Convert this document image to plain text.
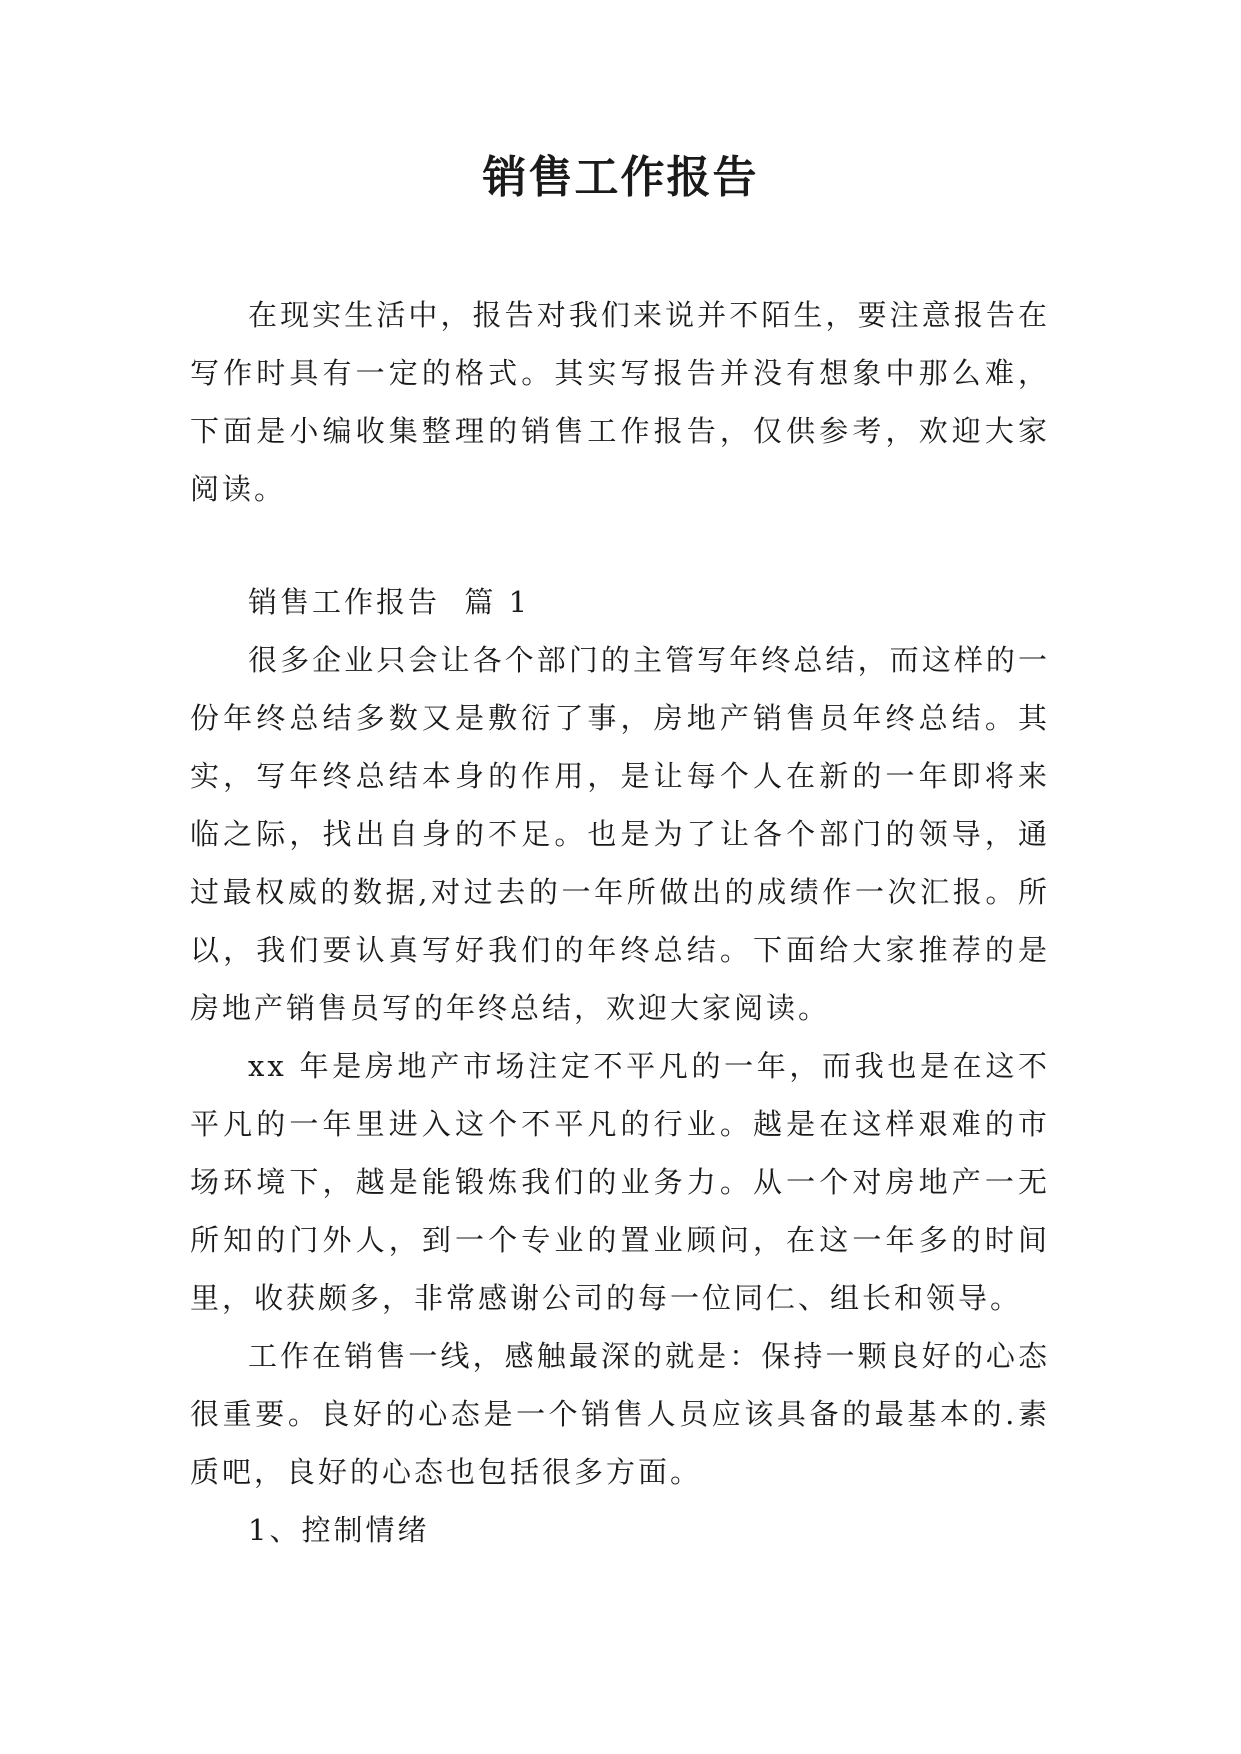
销售工作报告

在现实生活中，报告对我们来说并不陌生，要注意报告在写作时具有一定的格式。其实写报告并没有想象中那么难，下面是小编收集整理的销售工作报告，仅供参考，欢迎大家阅读。

销售工作报告  篇 1

很多企业只会让各个部门的主管写年终总结，而这样的一份年终总结多数又是敷衍了事，房地产销售员年终总结。其实，写年终总结本身的作用，是让每个人在新的一年即将来临之际，找出自身的不足。也是为了让各个部门的领导，通过最权威的数据,对过去的一年所做出的成绩作一次汇报。所以，我们要认真写好我们的年终总结。下面给大家推荐的是房地产销售员写的年终总结，欢迎大家阅读。

xx 年是房地产市场注定不平凡的一年，而我也是在这不平凡的一年里进入这个不平凡的行业。越是在这样艰难的市场环境下，越是能锻炼我们的业务力。从一个对房地产一无所知的门外人，到一个专业的置业顾问，在这一年多的时间里，收获颇多，非常感谢公司的每一位同仁、组长和领导。

工作在销售一线，感触最深的就是：保持一颗良好的心态很重要。良好的心态是一个销售人员应该具备的最基本的.素质吧，良好的心态也包括很多方面。

1、控制情绪
